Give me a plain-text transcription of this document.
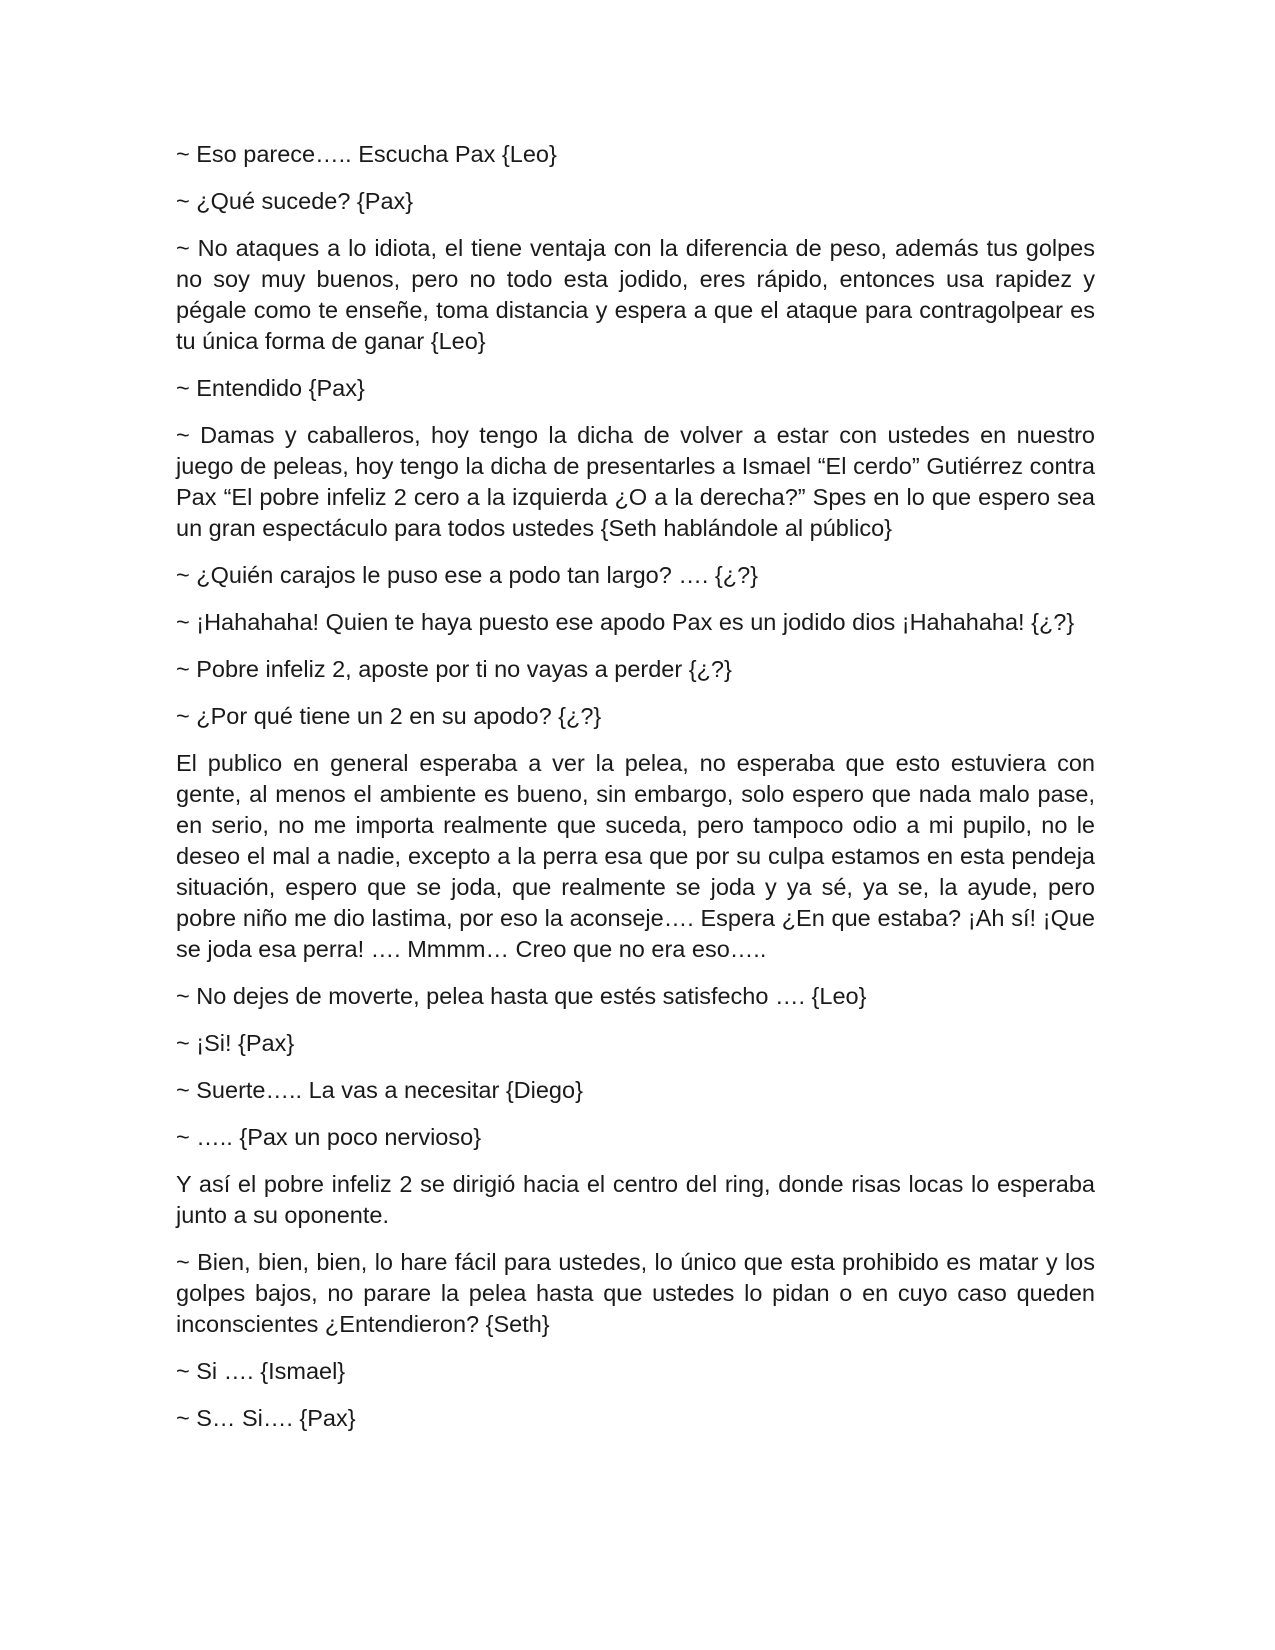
~ Eso parece….. Escucha Pax {Leo}

~ ¿Qué sucede? {Pax}

~ No ataques a lo idiota, el tiene ventaja con la diferencia de peso, además tus golpes no soy muy buenos, pero no todo esta jodido, eres rápido, entonces usa rapidez y pégale como te enseñe, toma distancia y espera a que el ataque para contragolpear es tu única forma de ganar {Leo}

~ Entendido {Pax}

~ Damas y caballeros, hoy tengo la dicha de volver a estar con ustedes en nuestro juego de peleas, hoy tengo la dicha de presentarles a Ismael “El cerdo” Gutiérrez contra Pax “El pobre infeliz 2 cero a la izquierda ¿O a la derecha?” Spes en lo que espero sea un gran espectáculo para todos ustedes {Seth hablándole al público}

~ ¿Quién carajos le puso ese a podo tan largo? …. {¿?}

~ ¡Hahahaha! Quien te haya puesto ese apodo Pax es un jodido dios ¡Hahahaha! {¿?}

~ Pobre infeliz 2, aposte por ti no vayas a perder {¿?}

~ ¿Por qué tiene un 2 en su apodo? {¿?}

El publico en general esperaba a ver la pelea, no esperaba que esto estuviera con gente, al menos el ambiente es bueno, sin embargo, solo espero que nada malo pase, en serio, no me importa realmente que suceda, pero tampoco odio a mi pupilo, no le deseo el mal a nadie, excepto a la perra esa que por su culpa estamos en esta pendeja situación, espero que se joda, que realmente se joda y ya sé, ya se, la ayude, pero pobre niño me dio lastima, por eso la aconseje…. Espera ¿En que estaba? ¡Ah sí! ¡Que se joda esa perra! …. Mmmm… Creo que no era eso…..

~ No dejes de moverte, pelea hasta que estés satisfecho …. {Leo}

~ ¡Si! {Pax}

~ Suerte….. La vas a necesitar {Diego}

~ ….. {Pax un poco nervioso}

Y así el pobre infeliz 2 se dirigió hacia el centro del ring, donde risas locas lo esperaba junto a su oponente.

~ Bien, bien, bien, lo hare fácil para ustedes, lo único que esta prohibido es matar y los golpes bajos, no parare la pelea hasta que ustedes lo pidan o en cuyo caso queden inconscientes ¿Entendieron? {Seth}

~ Si …. {Ismael}

~ S… Si…. {Pax}
